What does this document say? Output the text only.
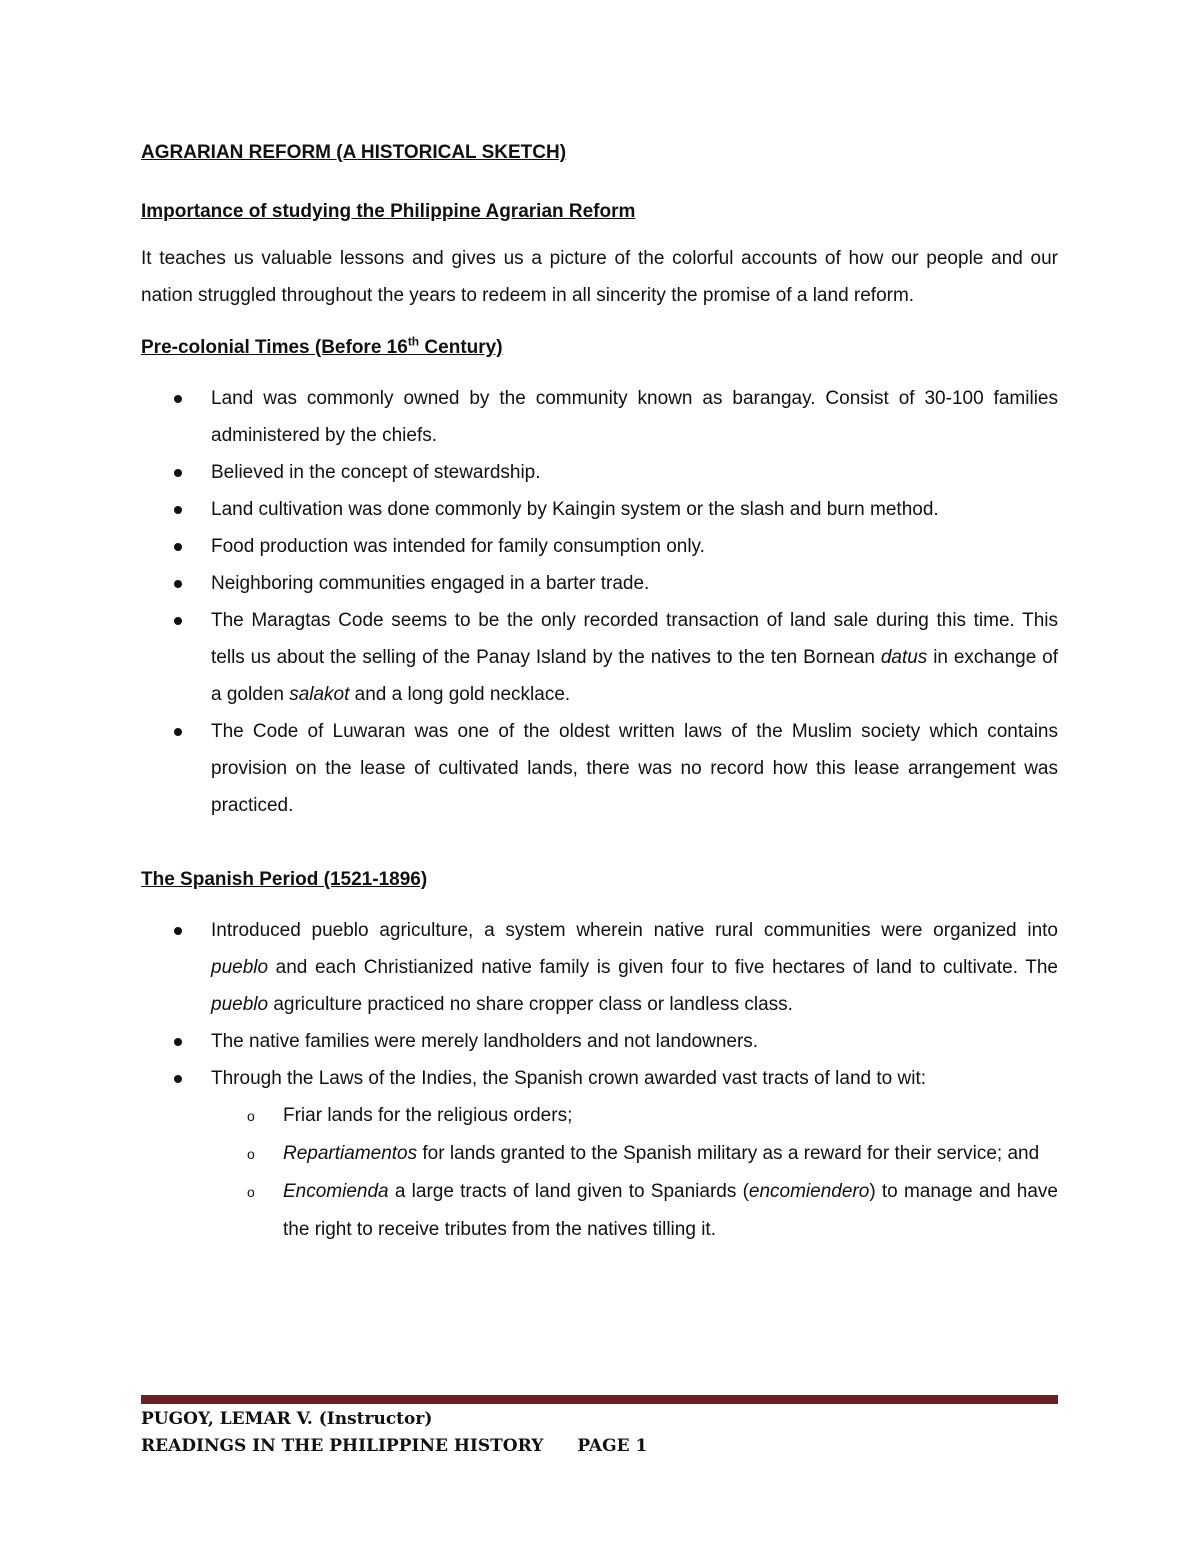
AGRARIAN REFORM (A HISTORICAL SKETCH)
Importance of studying the Philippine Agrarian Reform

It teaches us valuable lessons and gives us a picture of the colorful accounts of how our people and our nation struggled throughout the years to redeem in all sincerity the promise of a land reform.

Pre-colonial Times (Before 16th Century)
Land was commonly owned by the community known as barangay. Consist of 30-100 families administered by the chiefs.
Believed in the concept of stewardship.
Land cultivation was done commonly by Kaingin system or the slash and burn method.
Food production was intended for family consumption only.
Neighboring communities engaged in a barter trade.
The Maragtas Code seems to be the only recorded transaction of land sale during this time. This tells us about the selling of the Panay Island by the natives to the ten Bornean datus in exchange of a golden salakot and a long gold necklace.
The Code of Luwaran was one of the oldest written laws of the Muslim society which contains provision on the lease of cultivated lands, there was no record how this lease arrangement was practiced.
The Spanish Period (1521-1896)
Introduced pueblo agriculture, a system wherein native rural communities were organized into pueblo and each Christianized native family is given four to five hectares of land to cultivate. The pueblo agriculture practiced no share cropper class or landless class.
The native families were merely landholders and not landowners.
Through the Laws of the Indies, the Spanish crown awarded vast tracts of land to wit:
o Friar lands for the religious orders;
o Repartiamentos for lands granted to the Spanish military as a reward for their service; and
o Encomienda a large tracts of land given to Spaniards (encomiendero) to manage and have the right to receive tributes from the natives tilling it.
PUGOY, LEMAR V. (Instructor)
READINGS IN THE PHILIPPINE HISTORY PAGE 1
